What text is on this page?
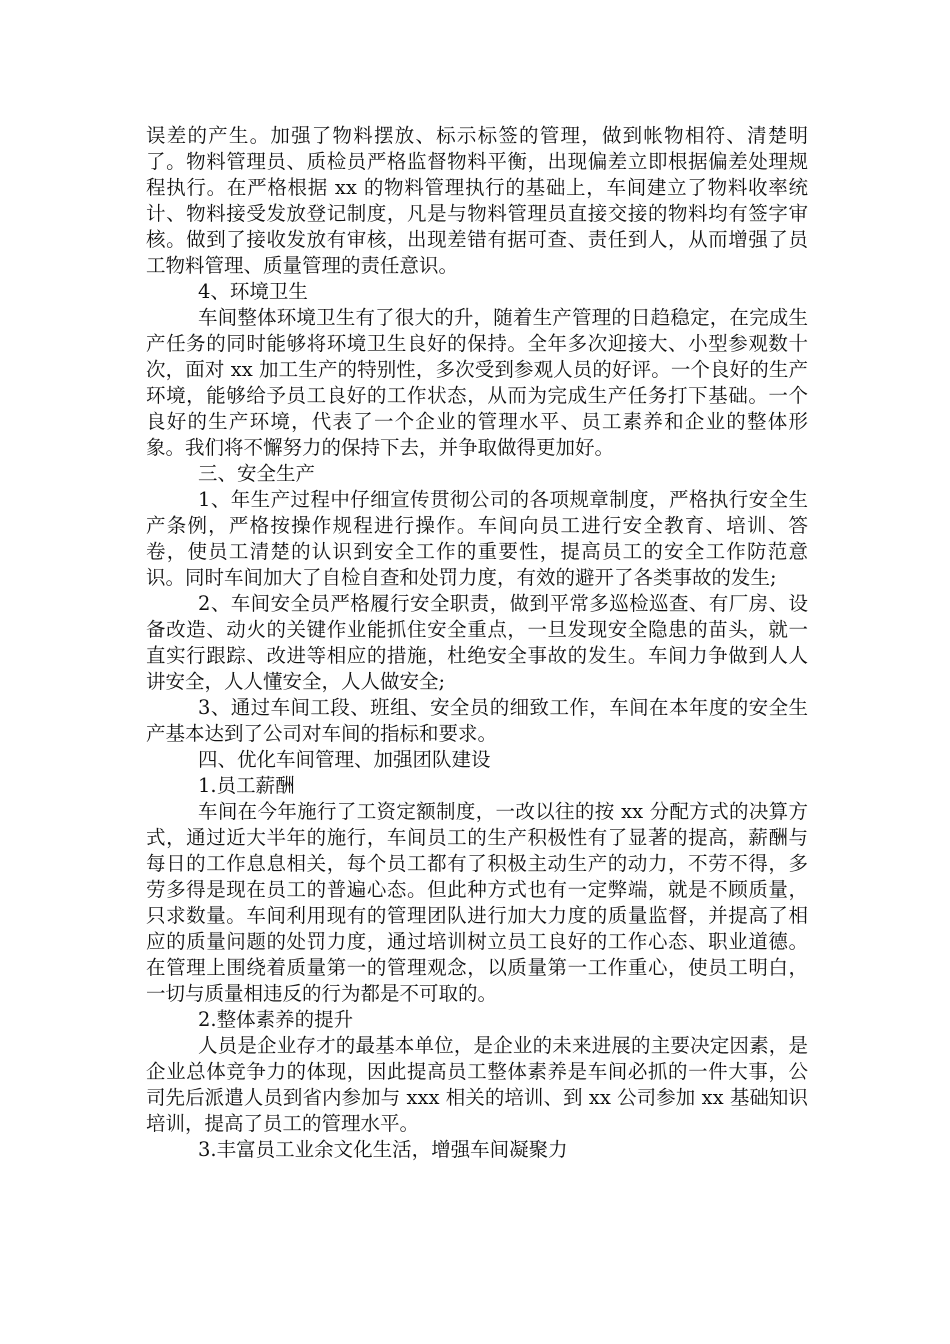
误差的产生。加强了物料摆放、标示标签的管理，做到帐物相符、清楚明了。物料管理员、质检员严格监督物料平衡，出现偏差立即根据偏差处理规程执行。在严格根据 xx 的物料管理执行的基础上，车间建立了物料收率统计、物料接受发放登记制度，凡是与物料管理员直接交接的物料均有签字审核。做到了接收发放有审核，出现差错有据可查、责任到人，从而增强了员工物料管理、质量管理的责任意识。

4、环境卫生

车间整体环境卫生有了很大的升，随着生产管理的日趋稳定，在完成生产任务的同时能够将环境卫生良好的保持。全年多次迎接大、小型参观数十次，面对 xx 加工生产的特别性，多次受到参观人员的好评。一个良好的生产环境，能够给予员工良好的工作状态，从而为完成生产任务打下基础。一个良好的生产环境，代表了一个企业的管理水平、员工素养和企业的整体形象。我们将不懈努力的保持下去，并争取做得更加好。

三、安全生产

1、年生产过程中仔细宣传贯彻公司的各项规章制度，严格执行安全生产条例，严格按操作规程进行操作。车间向员工进行安全教育、培训、答卷，使员工清楚的认识到安全工作的重要性，提高员工的安全工作防范意识。同时车间加大了自检自查和处罚力度，有效的避开了各类事故的发生;

2、车间安全员严格履行安全职责，做到平常多巡检巡查、有厂房、设备改造、动火的关键作业能抓住安全重点，一旦发现安全隐患的苗头，就一直实行跟踪、改进等相应的措施，杜绝安全事故的发生。车间力争做到人人讲安全，人人懂安全，人人做安全;

3、通过车间工段、班组、安全员的细致工作，车间在本年度的安全生产基本达到了公司对车间的指标和要求。

四、优化车间管理、加强团队建设

1.员工薪酬

车间在今年施行了工资定额制度，一改以往的按 xx 分配方式的决算方式，通过近大半年的施行，车间员工的生产积极性有了显著的提高，薪酬与每日的工作息息相关，每个员工都有了积极主动生产的动力，不劳不得，多劳多得是现在员工的普遍心态。但此种方式也有一定弊端，就是不顾质量，只求数量。车间利用现有的管理团队进行加大力度的质量监督，并提高了相应的质量问题的处罚力度，通过培训树立员工良好的工作心态、职业道德。在管理上围绕着质量第一的管理观念，以质量第一工作重心，使员工明白，一切与质量相违反的行为都是不可取的。

2.整体素养的提升

人员是企业存才的最基本单位，是企业的未来进展的主要决定因素，是企业总体竞争力的体现，因此提高员工整体素养是车间必抓的一件大事，公司先后派遣人员到省内参加与 xxx 相关的培训、到 xx 公司参加 xx 基础知识培训，提高了员工的管理水平。

3.丰富员工业余文化生活，增强车间凝聚力
